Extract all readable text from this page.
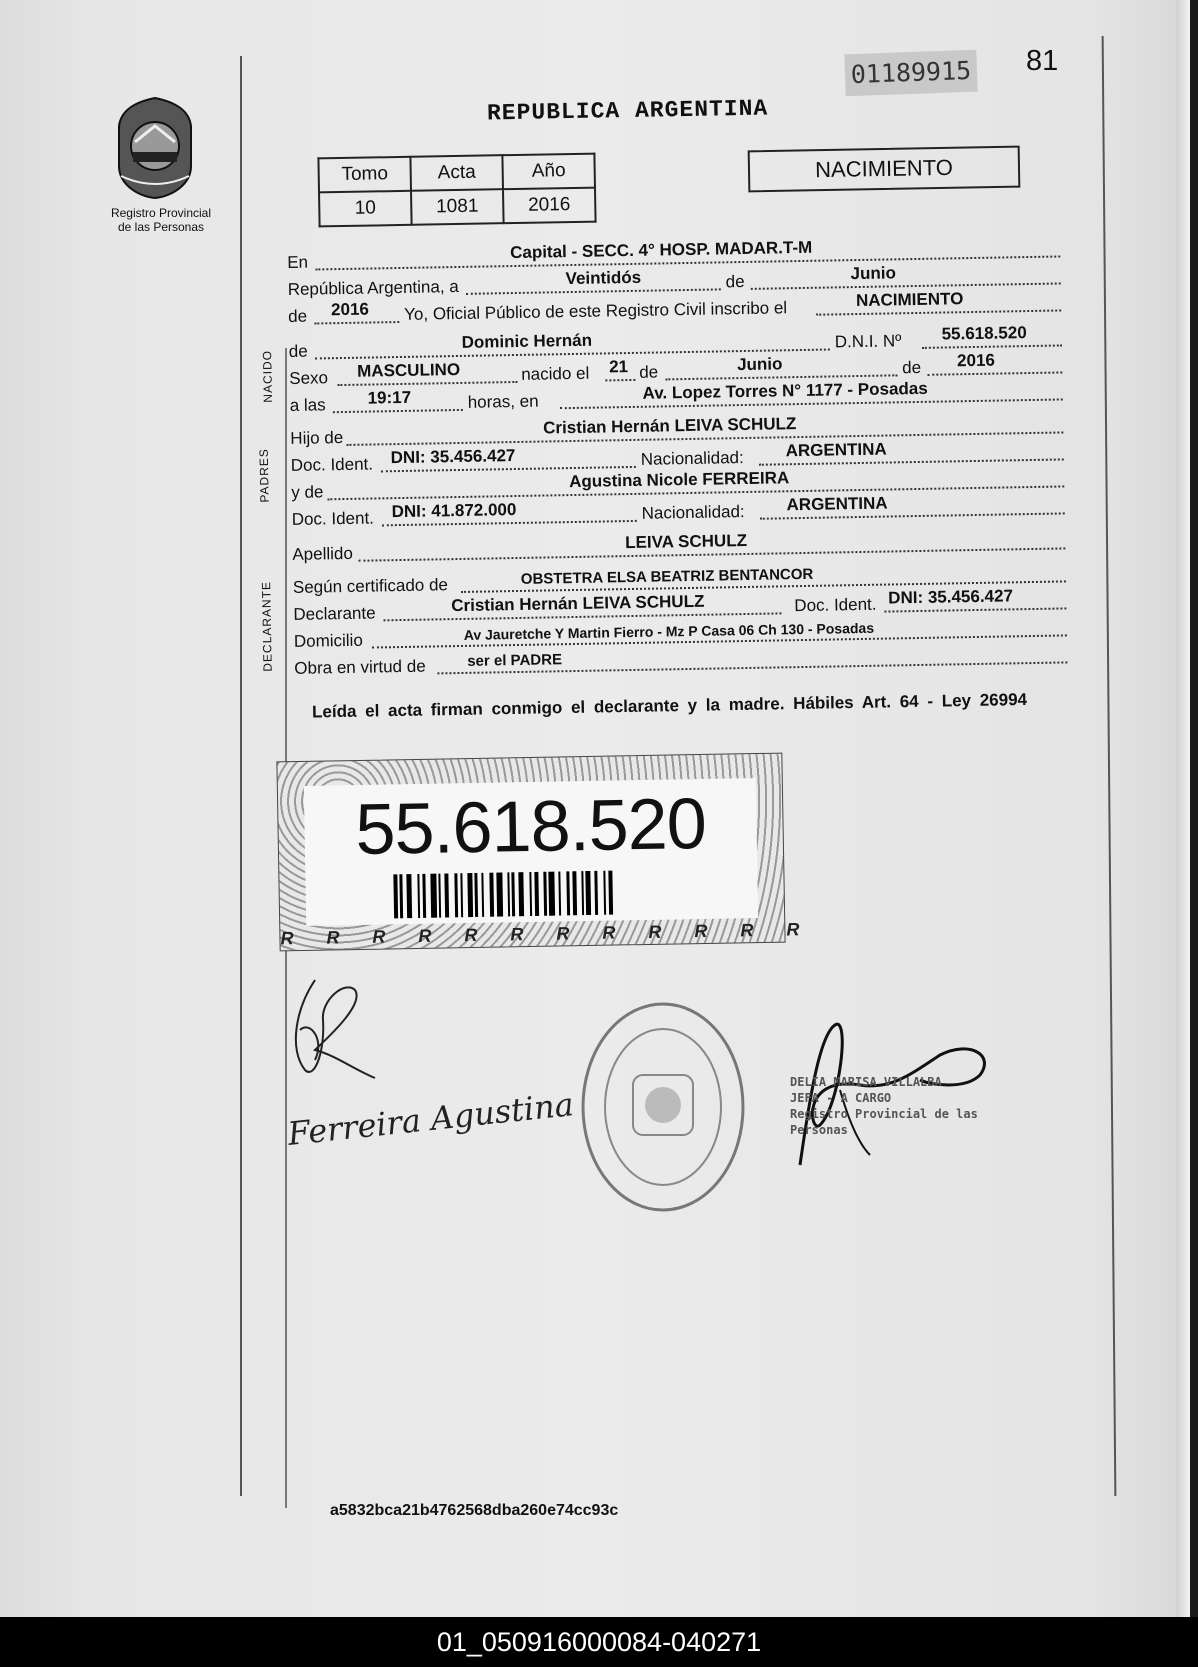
01189915 81
REPUBLICA ARGENTINA
Registro Provincial
de las Personas
Tomo	Acta	Año
10	1081	2016
NACIMIENTO
En
Capital - SECC. 4° HOSP. MADAR.T-M
República Argentina, a	Veintidós	de	Junio
de 2016 Yo, Oficial Público de este Registro Civil inscribo el	NACIMIENTO
NACIDO de	Dominic Hernán	D.N.I. Nº 55.618.520
Sexo MASCULINO	nacido el 21 de	Junio	de 2016
a las 19:17	horas, en	Av. Lopez Torres N° 1177 - Posadas
PADRES
Hijo de
Cristian Hernán LEIVA SCHULZ
Doc. Ident. DNI: 35.456.427	Nacionalidad: ARGENTINA
y de
Agustina Nicole FERREIRA
Doc. Ident. DNI: 41.872.000	Nacionalidad: ARGENTINA
Apellido
LEIVA SCHULZ
DECLARANTE Según certificado de	OBSTETRA ELSA BEATRIZ BENTANCOR
Declarante	Cristian Hernán LEIVA SCHULZ	Doc. Ident. DNI: 35.456.427
Domicilio	Av Jauretche Y Martin Fierro - Mz P Casa 06 Ch 130 - Posadas
Obra en virtud de	ser el PADRE
Leída el acta firman conmigo el declarante y la madre. Hábiles Art. 64 - Ley 26994
55.618.520
R R R R R R R R R R R R
Ferreira Agustina
DELIA MARISA VILLALBA
JEFA - A CARGO
Registro Provincial de las Personas
a5832bca21b4762568dba260e74cc93c
01_050916000084-040271
